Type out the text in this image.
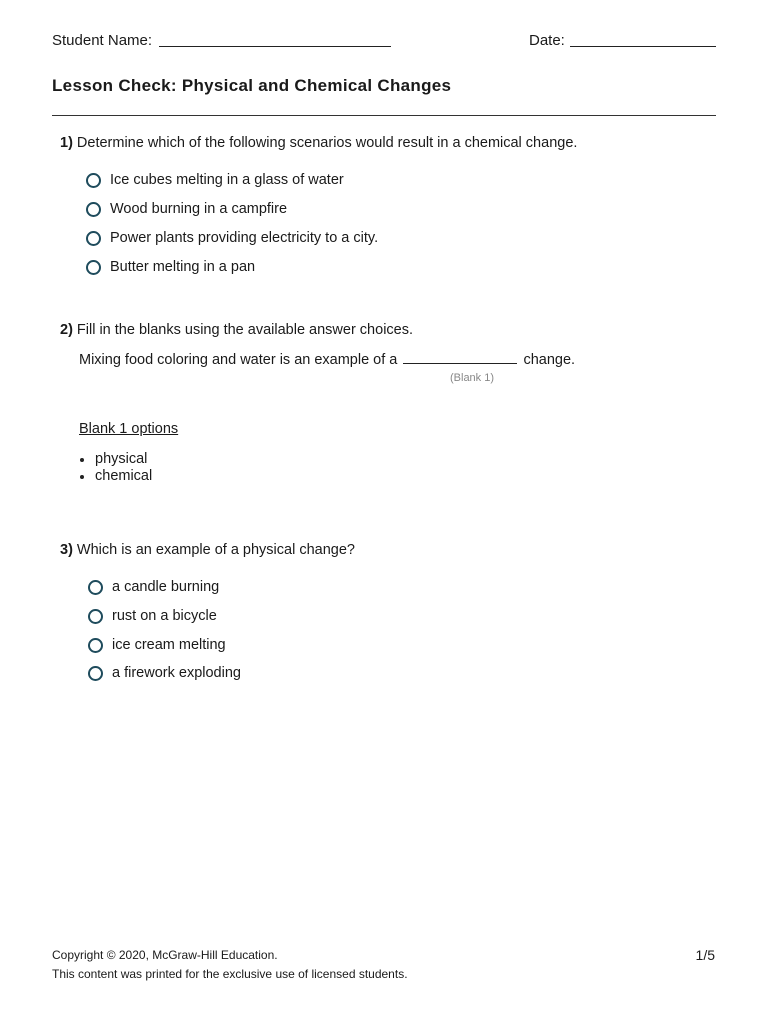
Student Name:	Date:
Lesson Check: Physical and Chemical Changes
1) Determine which of the following scenarios would result in a chemical change.
Ice cubes melting in a glass of water
Wood burning in a campfire
Power plants providing electricity to a city.
Butter melting in a pan
2) Fill in the blanks using the available answer choices.
Mixing food coloring and water is an example of a	change.
(Blank 1)
Blank 1 options
physical
chemical
3) Which is an example of a physical change?
a candle burning
rust on a bicycle
ice cream melting
a firework exploding
Copyright © 2020, McGraw-Hill Education.
This content was printed for the exclusive use of licensed students.
1/5
